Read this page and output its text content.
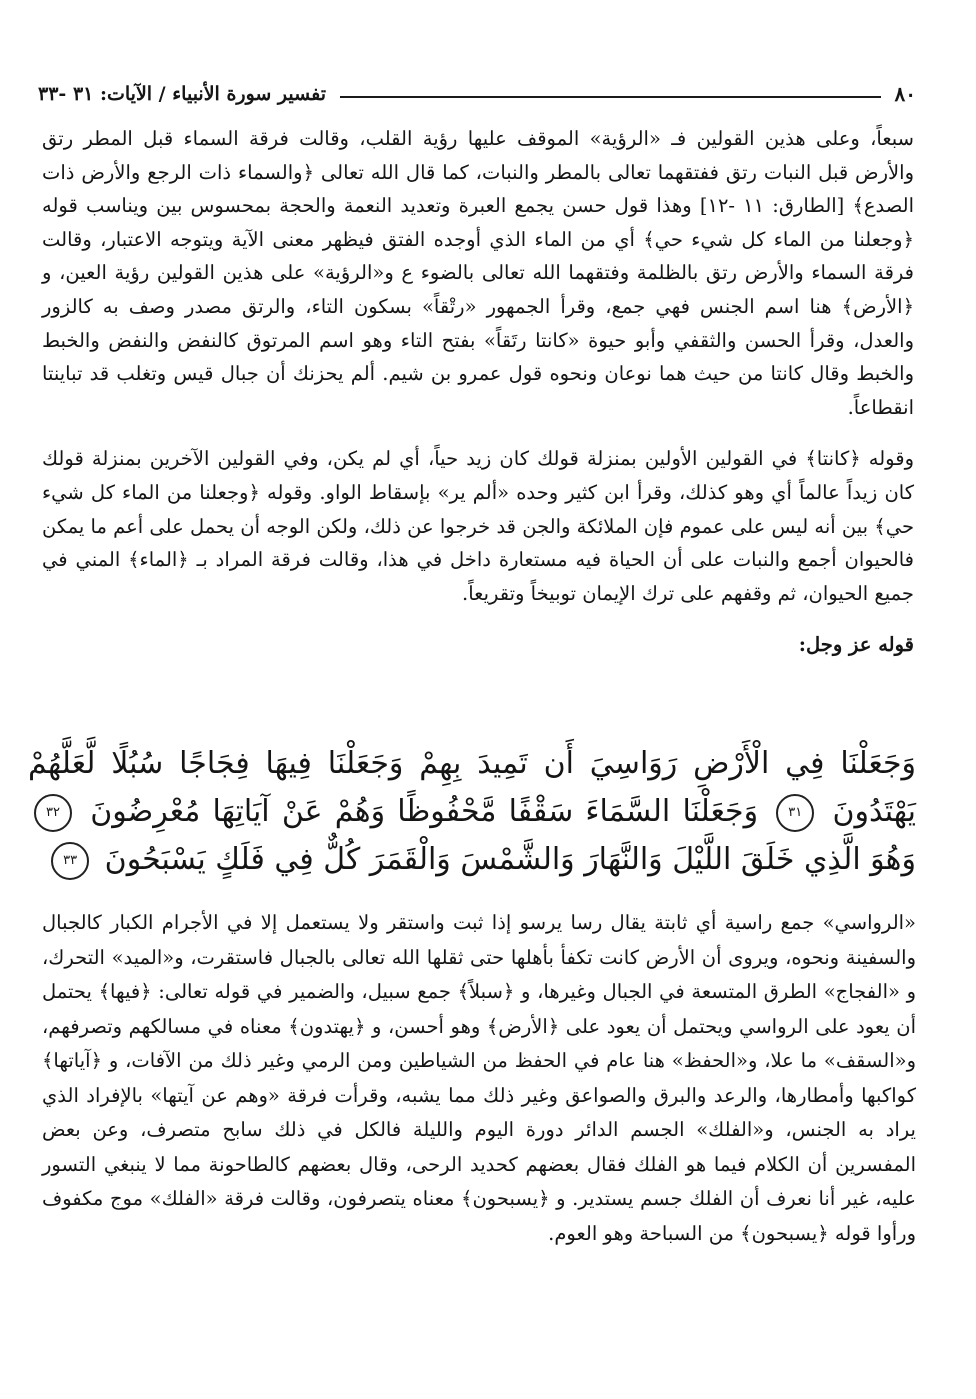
٨٠
تفسير سورة الأنبياء / الآيات: ٣١ -٣٣

سبعاً، وعلى هذين القولين فـ «الرؤية» الموقف عليها رؤية القلب، وقالت فرقة السماء قبل المطر رتق والأرض قبل النبات رتق ففتقهما تعالى بالمطر والنبات، كما قال الله تعالى ﴿والسماء ذات الرجع والأرض ذات الصدع﴾ [الطارق: ١١ -١٢] وهذا قول حسن يجمع العبرة وتعديد النعمة والحجة بمحسوس بين ويناسب قوله ﴿وجعلنا من الماء كل شيء حي﴾ أي من الماء الذي أوجده الفتق فيظهر معنى الآية ويتوجه الاعتبار، وقالت فرقة السماء والأرض رتق بالظلمة وفتقهما الله تعالى بالضوء ع و«الرؤية» على هذين القولين رؤية العين، و ﴿الأرض﴾ هنا اسم الجنس فهي جمع، وقرأ الجمهور «رتْقاً» بسكون التاء، والرتق مصدر وصف به كالزور والعدل، وقرأ الحسن والثقفي وأبو حيوة «كانتا رتَقاً» بفتح التاء وهو اسم المرتوق كالنفض والنفض والخبط والخبط وقال كانتا من حيث هما نوعان ونحوه قول عمرو بن شيم. ألم يحزنك أن جبال قيس وتغلب قد تباينتا انقطاعاً.

وقوله ﴿كانتا﴾ في القولين الأولين بمنزلة قولك كان زيد حياً، أي لم يكن، وفي القولين الآخرين بمنزلة قولك كان زيداً عالماً أي وهو كذلك، وقرأ ابن كثير وحده «ألم ير» بإسقاط الواو. وقوله ﴿وجعلنا من الماء كل شيء حي﴾ بين أنه ليس على عموم فإن الملائكة والجن قد خرجوا عن ذلك، ولكن الوجه أن يحمل على أعم ما يمكن فالحيوان أجمع والنبات على أن الحياة فيه مستعارة داخل في هذا، وقالت فرقة المراد بـ ﴿الماء﴾ المني في جميع الحيوان، ثم وقفهم على ترك الإيمان توبيخاً وتقريعاً.

قوله عز وجل:

وَجَعَلْنَا فِي الْأَرْضِ رَوَاسِيَ أَن تَمِيدَ بِهِمْ وَجَعَلْنَا فِيهَا فِجَاجًا سُبُلًا لَّعَلَّهُمْ يَهْتَدُونَ ٣١ وَجَعَلْنَا السَّمَاءَ سَقْفًا مَّحْفُوظًا وَهُمْ عَنْ آيَاتِهَا مُعْرِضُونَ ٣٢ وَهُوَ الَّذِي خَلَقَ اللَّيْلَ وَالنَّهَارَ وَالشَّمْسَ وَالْقَمَرَ كُلٌّ فِي فَلَكٍ يَسْبَحُونَ ٣٣

«الرواسي» جمع راسية أي ثابتة يقال رسا يرسو إذا ثبت واستقر ولا يستعمل إلا في الأجرام الكبار كالجبال والسفينة ونحوه، ويروى أن الأرض كانت تكفأ بأهلها حتى ثقلها الله تعالى بالجبال فاستقرت، و«الميد» التحرك، و «الفجاج» الطرق المتسعة في الجبال وغيرها، و ﴿سبلاً﴾ جمع سبيل، والضمير في قوله تعالى: ﴿فيها﴾ يحتمل أن يعود على الرواسي ويحتمل أن يعود على ﴿الأرض﴾ وهو أحسن، و ﴿يهتدون﴾ معناه في مسالكهم وتصرفهم، و«السقف» ما علا، و«الحفظ» هنا عام في الحفظ من الشياطين ومن الرمي وغير ذلك من الآفات، و ﴿آياتها﴾ كواكبها وأمطارها، والرعد والبرق والصواعق وغير ذلك مما يشبه، وقرأت فرقة «وهم عن آيتها» بالإفراد الذي يراد به الجنس، و«الفلك» الجسم الدائر دورة اليوم والليلة فالكل في ذلك سابح متصرف، وعن بعض المفسرين أن الكلام فيما هو الفلك فقال بعضهم كحديد الرحى، وقال بعضهم كالطاحونة مما لا ينبغي التسور عليه، غير أنا نعرف أن الفلك جسم يستدير. و ﴿يسبحون﴾ معناه يتصرفون، وقالت فرقة «الفلك» موج مكفوف ورأوا قوله ﴿يسبحون﴾ من السباحة وهو العوم.
